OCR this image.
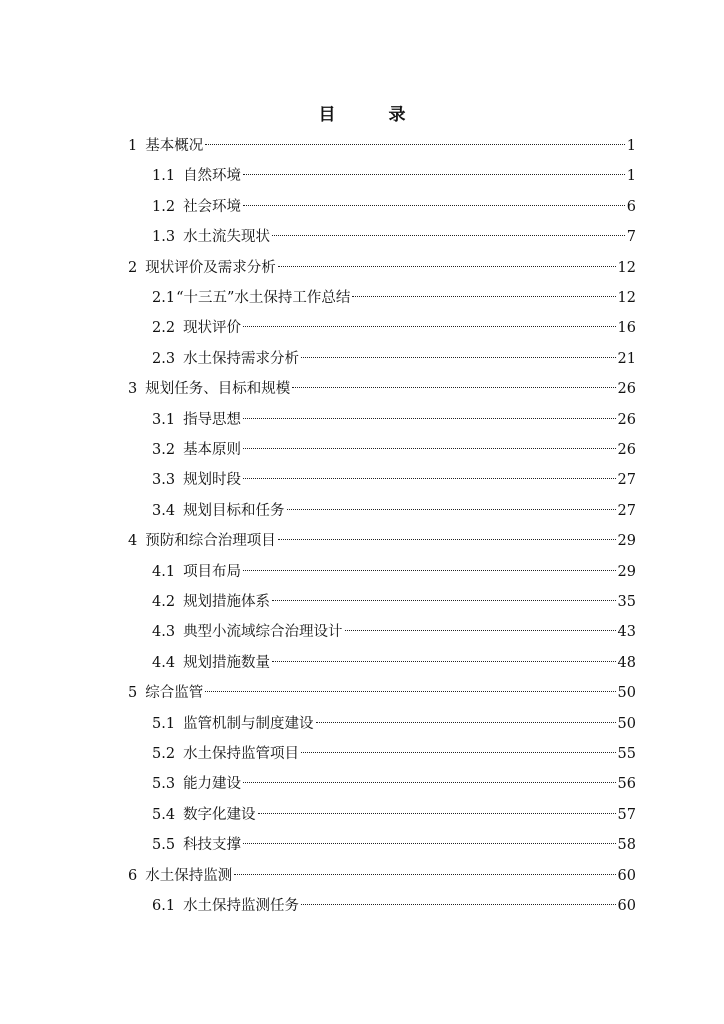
目　录
1 基本概况	1
1.1 自然环境	1
1.2 社会环境	6
1.3 水土流失现状	7
2 现状评价及需求分析	12
2.1 “十三五”水土保持工作总结	12
2.2 现状评价	16
2.3 水土保持需求分析	21
3 规划任务、目标和规模	26
3.1 指导思想	26
3.2 基本原则	26
3.3 规划时段	27
3.4 规划目标和任务	27
4 预防和综合治理项目	29
4.1 项目布局	29
4.2 规划措施体系	35
4.3 典型小流域综合治理设计	43
4.4 规划措施数量	48
5 综合监管	50
5.1 监管机制与制度建设	50
5.2 水土保持监管项目	55
5.3 能力建设	56
5.4 数字化建设	57
5.5 科技支撑	58
6 水土保持监测	60
6.1 水土保持监测任务	60
